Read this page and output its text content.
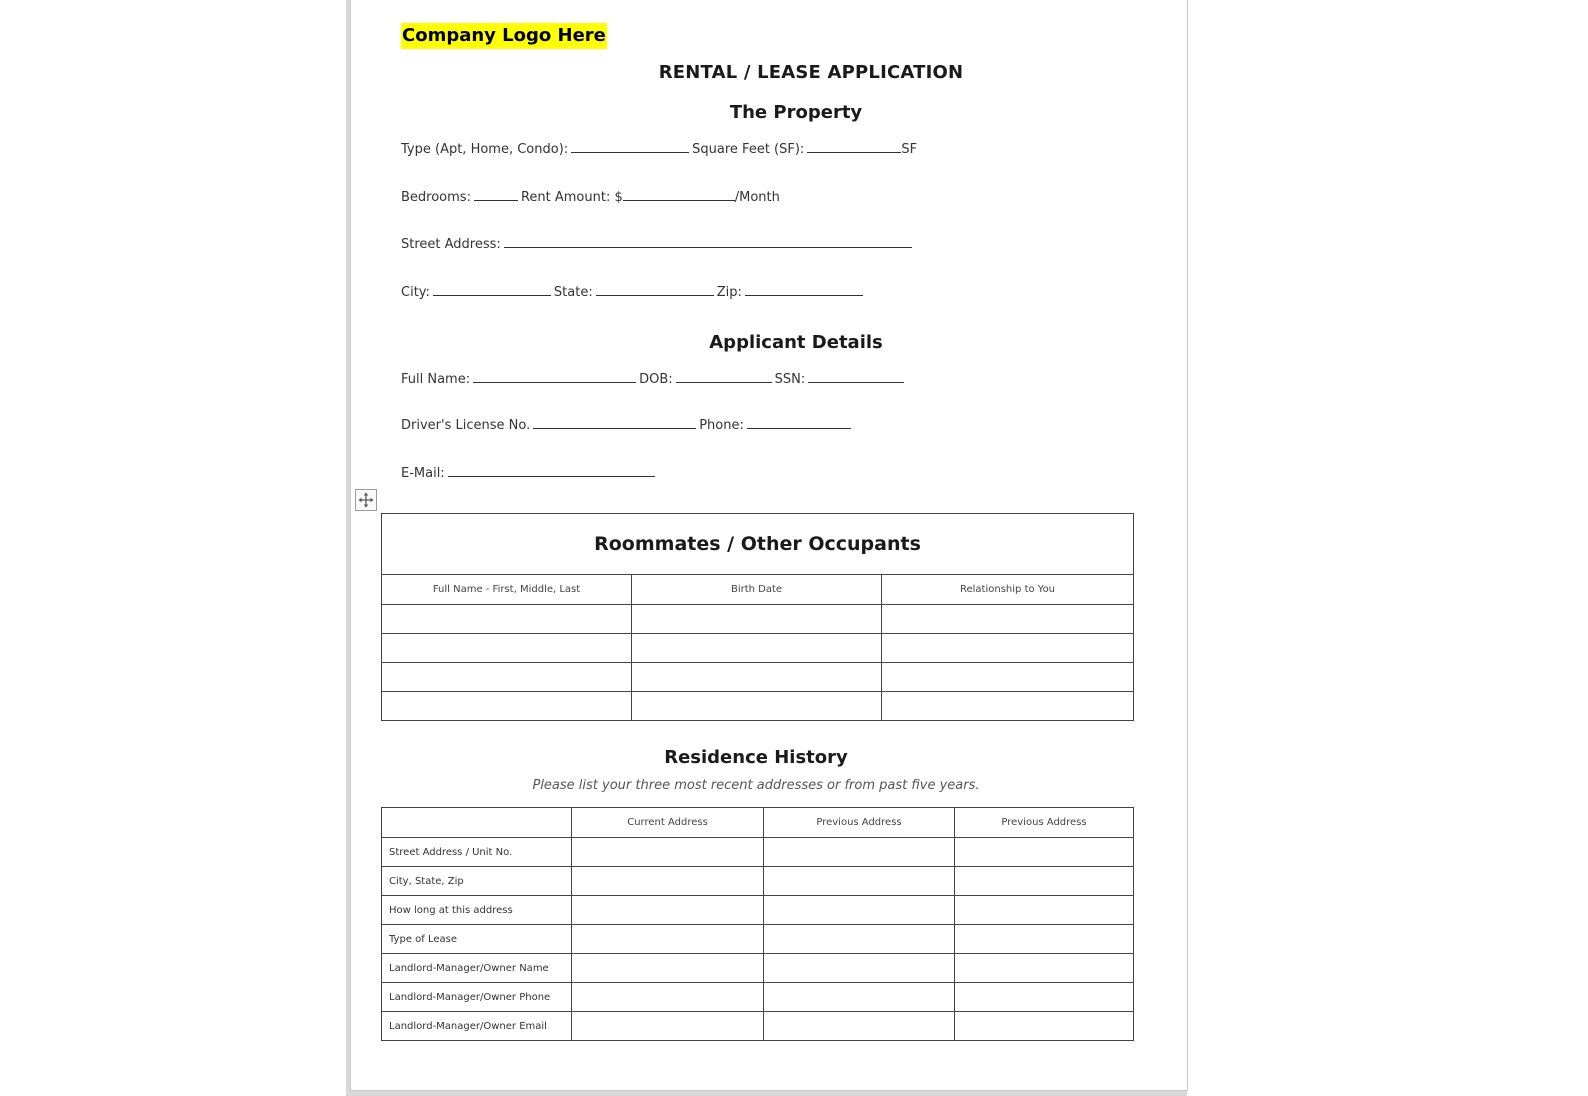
Company Logo Here
RENTAL / LEASE APPLICATION
The Property
Type (Apt, Home, Condo):	Square Feet (SF):	SF
Bedrooms:	Rent Amount: $	/Month
Street Address:
City:	State:	Zip:
Applicant Details
Full Name:	DOB:	SSN:
Driver's License No.	Phone:
E-Mail:
Roommates / Other Occupants		
Full Name - First, Middle, Last	Birth Date	Relationship to You

Residence History
Please list your three most recent addresses or from past five years.
	Current Address	Previous Address	Previous Address
Street Address / Unit No.			
City, State, Zip			
How long at this address			
Type of Lease			
Landlord-Manager/Owner Name			
Landlord-Manager/Owner Phone			
Landlord-Manager/Owner Email			
